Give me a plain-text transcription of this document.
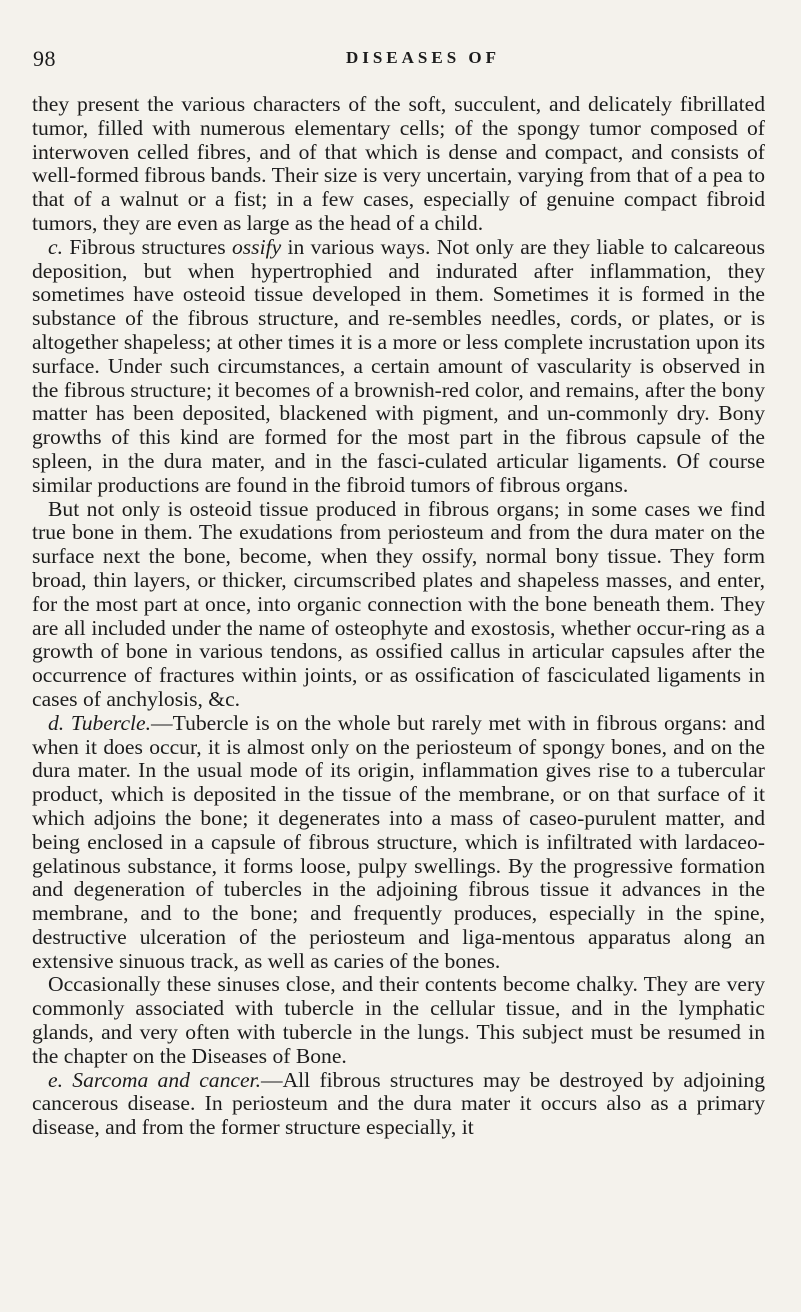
98	DISEASES OF

they present the various characters of the soft, succulent, and delicately fibrillated tumor, filled with numerous elementary cells; of the spongy tumor composed of interwoven celled fibres, and of that which is dense and compact, and consists of well-formed fibrous bands. Their size is very uncertain, varying from that of a pea to that of a walnut or a fist; in a few cases, especially of genuine compact fibroid tumors, they are even as large as the head of a child.

c. Fibrous structures ossify in various ways. Not only are they liable to calcareous deposition, but when hypertrophied and indurated after inflammation, they sometimes have osteoid tissue developed in them. Sometimes it is formed in the substance of the fibrous structure, and re-sembles needles, cords, or plates, or is altogether shapeless; at other times it is a more or less complete incrustation upon its surface. Under such circumstances, a certain amount of vascularity is observed in the fibrous structure; it becomes of a brownish-red color, and remains, after the bony matter has been deposited, blackened with pigment, and un-commonly dry. Bony growths of this kind are formed for the most part in the fibrous capsule of the spleen, in the dura mater, and in the fasci-culated articular ligaments. Of course similar productions are found in the fibroid tumors of fibrous organs.

But not only is osteoid tissue produced in fibrous organs; in some cases we find true bone in them. The exudations from periosteum and from the dura mater on the surface next the bone, become, when they ossify, normal bony tissue. They form broad, thin layers, or thicker, circumscribed plates and shapeless masses, and enter, for the most part at once, into organic connection with the bone beneath them. They are all included under the name of osteophyte and exostosis, whether occur-ring as a growth of bone in various tendons, as ossified callus in articular capsules after the occurrence of fractures within joints, or as ossification of fasciculated ligaments in cases of anchylosis, &c.

d. Tubercle.—Tubercle is on the whole but rarely met with in fibrous organs: and when it does occur, it is almost only on the periosteum of spongy bones, and on the dura mater. In the usual mode of its origin, inflammation gives rise to a tubercular product, which is deposited in the tissue of the membrane, or on that surface of it which adjoins the bone; it degenerates into a mass of caseo-purulent matter, and being enclosed in a capsule of fibrous structure, which is infiltrated with lardaceo-gelatinous substance, it forms loose, pulpy swellings. By the progressive formation and degeneration of tubercles in the adjoining fibrous tissue it advances in the membrane, and to the bone; and frequently produces, especially in the spine, destructive ulceration of the periosteum and liga-mentous apparatus along an extensive sinuous track, as well as caries of the bones.

Occasionally these sinuses close, and their contents become chalky. They are very commonly associated with tubercle in the cellular tissue, and in the lymphatic glands, and very often with tubercle in the lungs. This subject must be resumed in the chapter on the Diseases of Bone.

e. Sarcoma and cancer.—All fibrous structures may be destroyed by adjoining cancerous disease. In periosteum and the dura mater it occurs also as a primary disease, and from the former structure especially, it
